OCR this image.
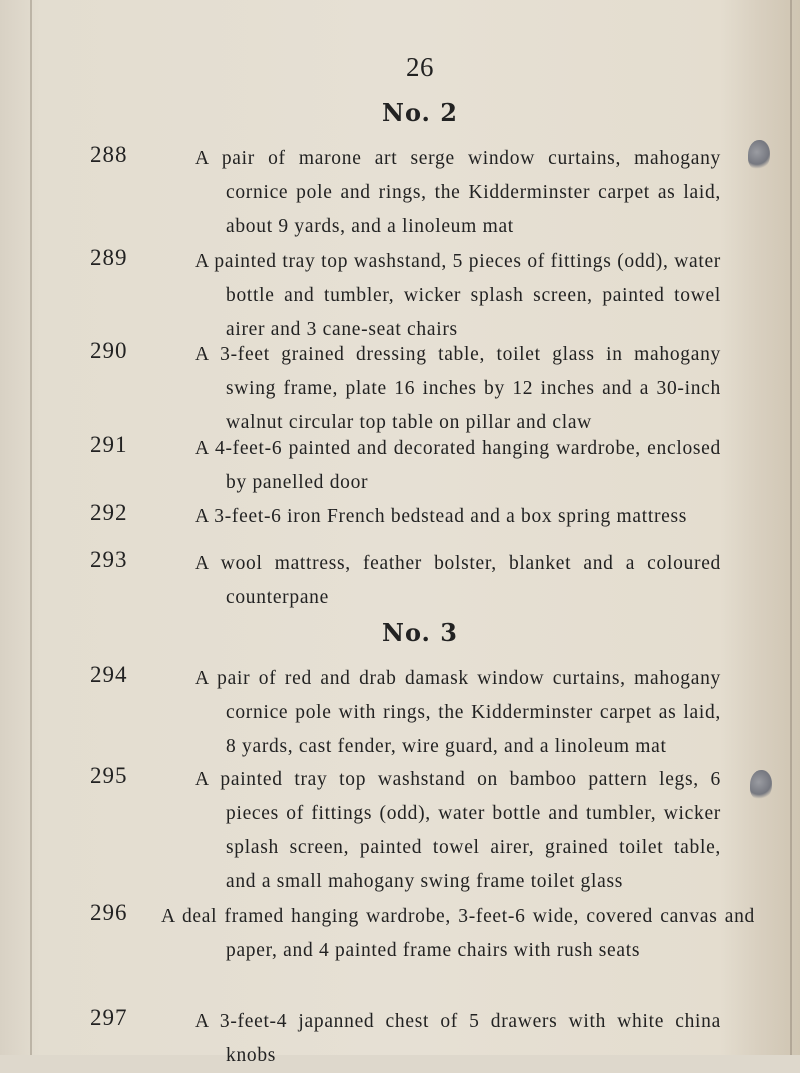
26
No. 2
288	A pair of marone art serge window curtains, mahogany cornice pole and rings, the Kidderminster carpet as laid, about 9 yards, and a linoleum mat
289	A painted tray top washstand, 5 pieces of fittings (odd), water bottle and tumbler, wicker splash screen, painted towel airer and 3 cane-seat chairs
290	A 3-feet grained dressing table, toilet glass in mahogany swing frame, plate 16 inches by 12 inches and a 30-inch walnut circular top table on pillar and claw
291	A 4-feet-6 painted and decorated hanging wardrobe, enclosed by panelled door
292	A 3-feet-6 iron French bedstead and a box spring mattress
293	A wool mattress, feather bolster, blanket and a coloured counterpane
No. 3
294	A pair of red and drab damask window curtains, mahogany cornice pole with rings, the Kidderminster carpet as laid, 8 yards, cast fender, wire guard, and a linoleum mat
295	A painted tray top washstand on bamboo pattern legs, 6 pieces of fittings (odd), water bottle and tumbler, wicker splash screen, painted towel airer, grained toilet table, and a small mahogany swing frame toilet glass
296 A deal framed hanging wardrobe, 3-feet-6 wide, covered canvas and paper, and 4 painted frame chairs with rush seats
297	A 3-feet-4 japanned chest of 5 drawers with white china knobs
